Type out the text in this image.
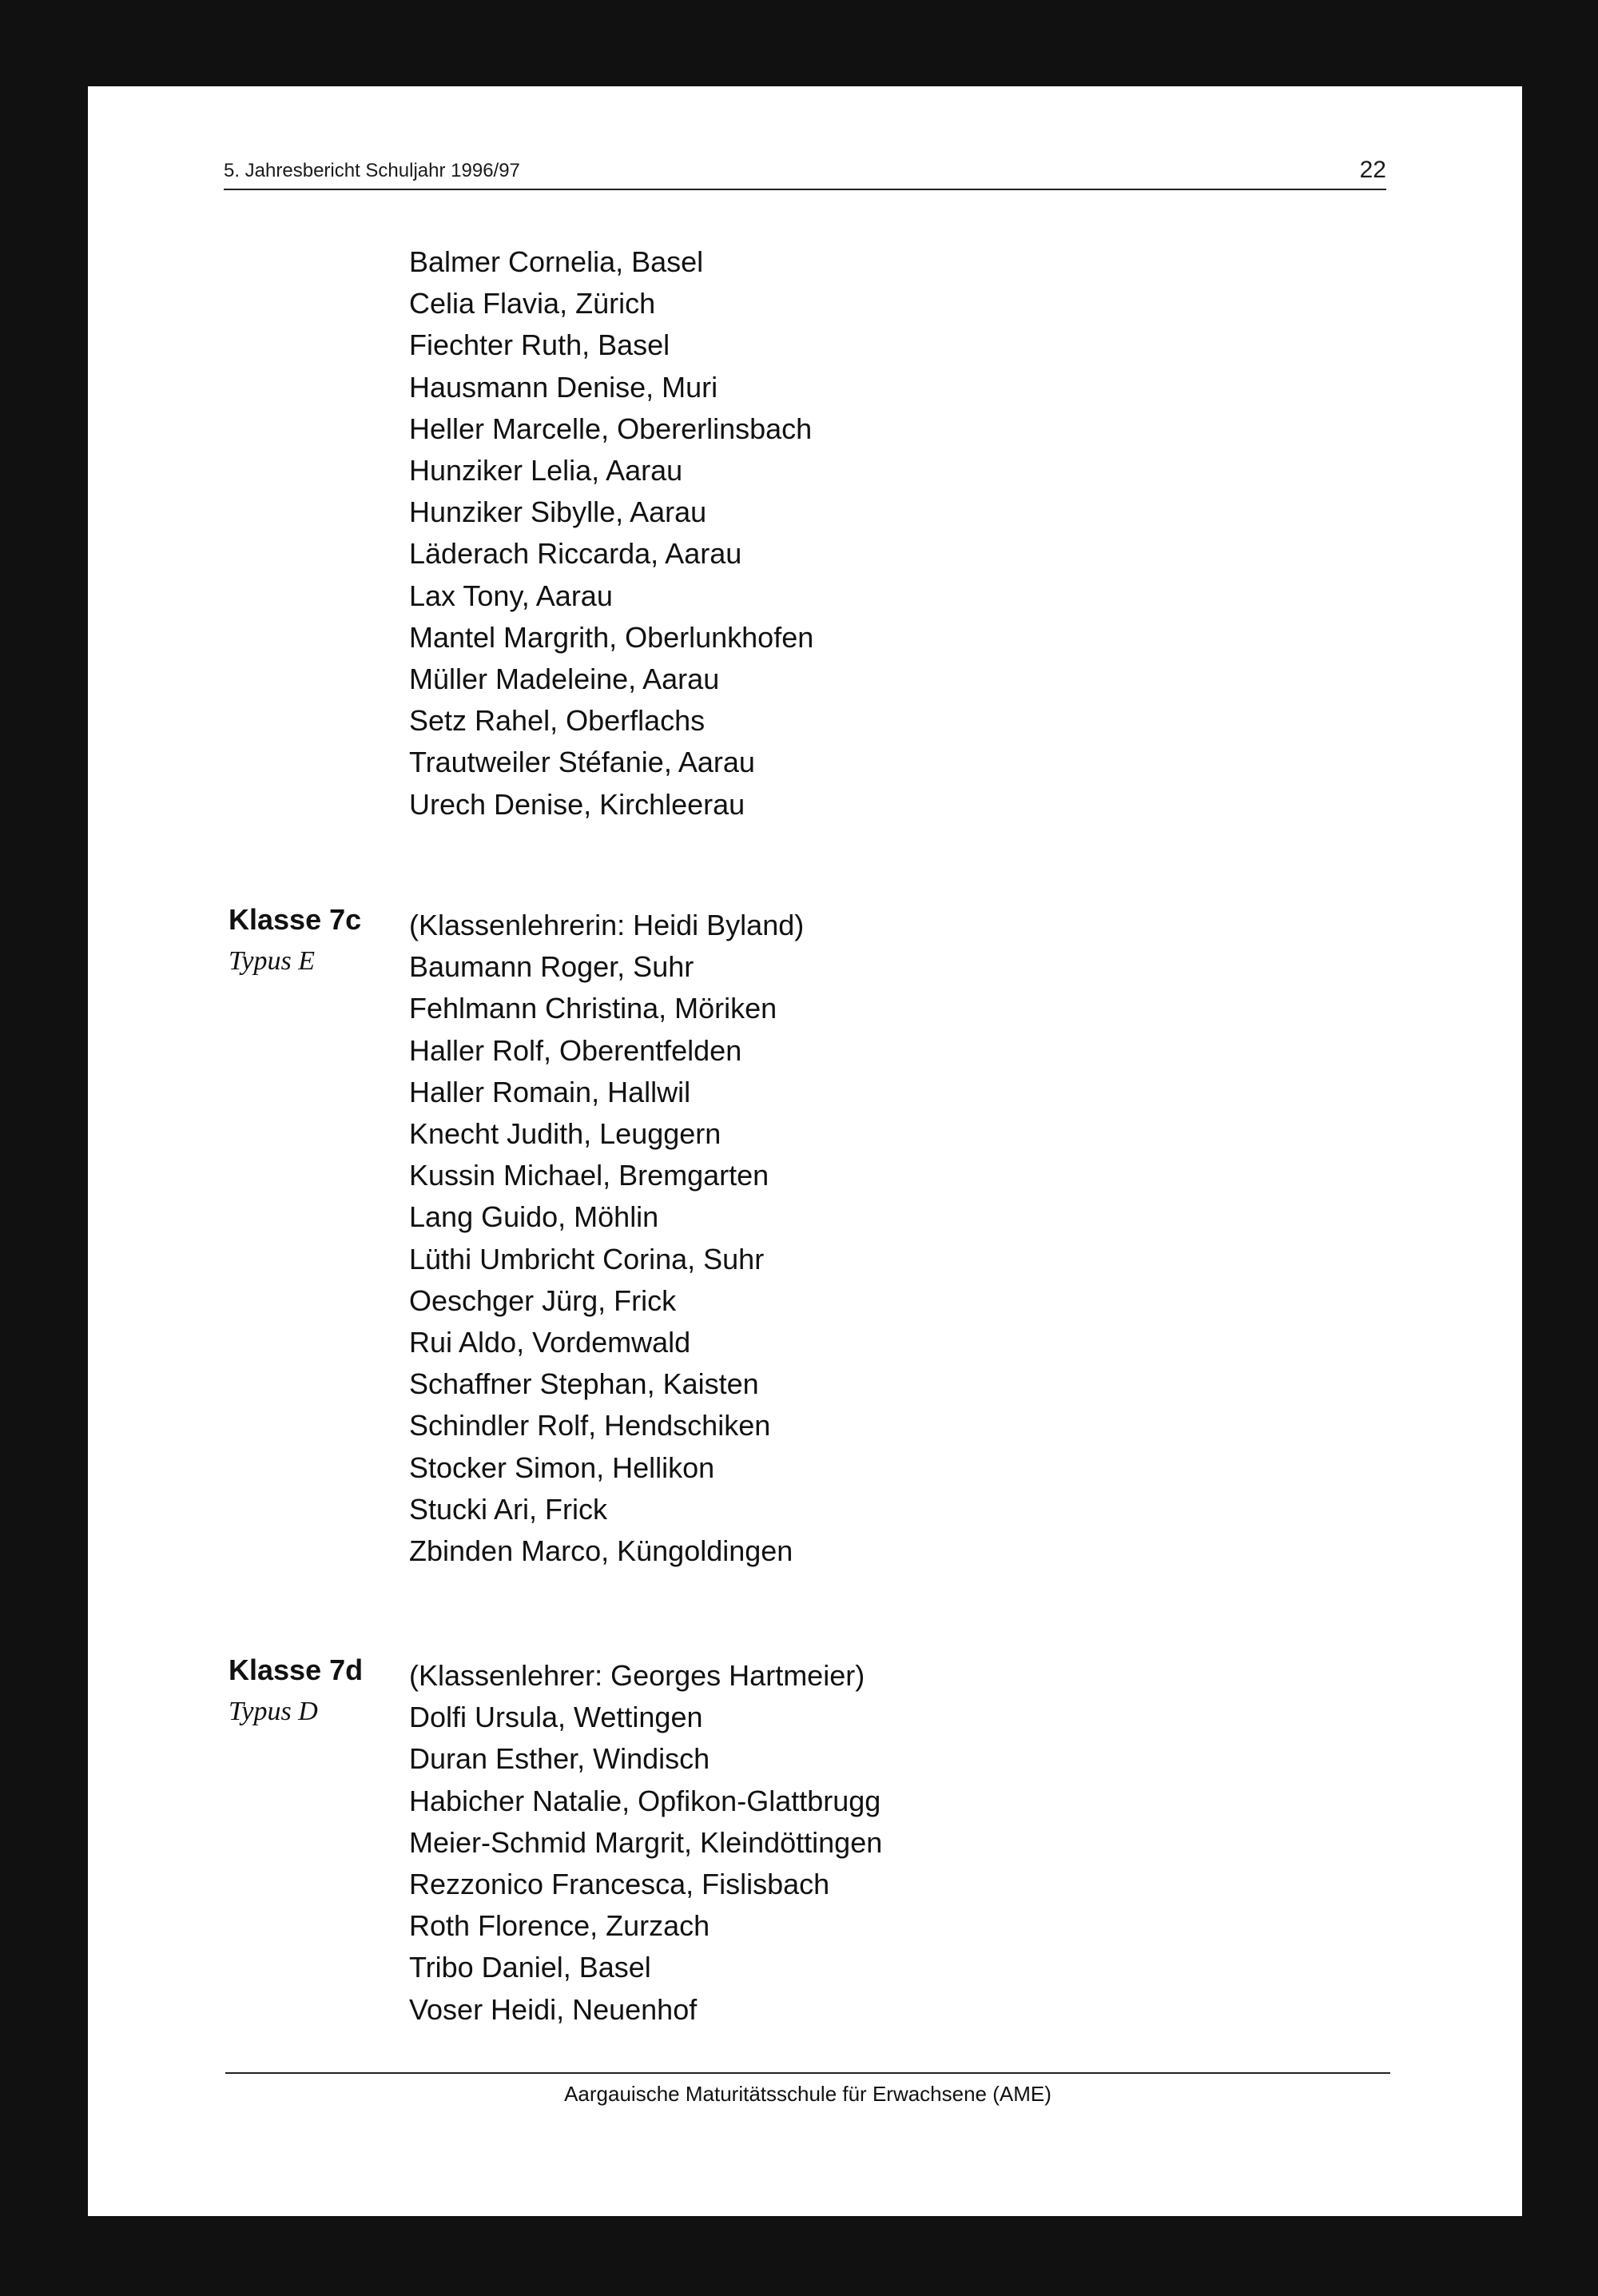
5. Jahresbericht Schuljahr 1996/97	22
Balmer Cornelia, Basel
Celia Flavia, Zürich
Fiechter Ruth, Basel
Hausmann Denise, Muri
Heller Marcelle, Obererlinsbach
Hunziker Lelia, Aarau
Hunziker Sibylle, Aarau
Läderach Riccarda, Aarau
Lax Tony, Aarau
Mantel Margrith, Oberlunkhofen
Müller Madeleine, Aarau
Setz Rahel, Oberflachs
Trautweiler Stéfanie, Aarau
Urech Denise, Kirchleerau
Klasse 7c
Typus E
(Klassenlehrerin: Heidi Byland)
Baumann Roger, Suhr
Fehlmann Christina, Möriken
Haller Rolf, Oberentfelden
Haller Romain, Hallwil
Knecht Judith, Leuggern
Kussin Michael, Bremgarten
Lang Guido, Möhlin
Lüthi Umbricht Corina, Suhr
Oeschger Jürg, Frick
Rui Aldo, Vordemwald
Schaffner Stephan, Kaisten
Schindler Rolf, Hendschiken
Stocker Simon, Hellikon
Stucki Ari, Frick
Zbinden Marco, Küngoldingen
Klasse 7d
Typus D
(Klassenlehrer: Georges Hartmeier)
Dolfi Ursula, Wettingen
Duran Esther, Windisch
Habicher Natalie, Opfikon-Glattbrugg
Meier-Schmid Margrit, Kleindöttingen
Rezzonico Francesca, Fislisbach
Roth Florence, Zurzach
Tribo Daniel, Basel
Voser Heidi, Neuenhof
Aargauische Maturitätsschule für Erwachsene (AME)
